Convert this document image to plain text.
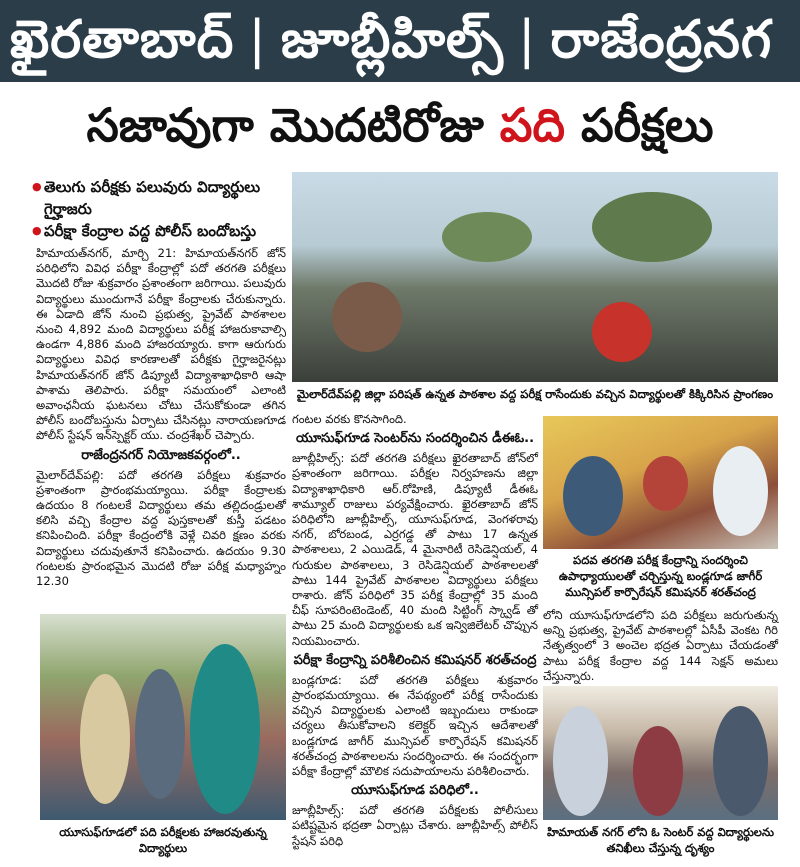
ఖైరతాబాద్ | జూబ్లీహిల్స్ | రాజేంద్రనగ
సజావుగా మొదటిరోజు పది పరీక్షలు
● తెలుగు పరీక్షకు పలువురు విద్యార్థులు గైర్హాజరు
● పరీక్షా కేంద్రాల వద్ద పోలీస్ బందోబస్తు
హిమాయత్‌నగర్, మార్చి 21: హిమాయత్‌నగర్ జోన్ పరిధిలోని వివిధ పరీక్షా కేంద్రాల్లో పదో తరగతి పరీక్షలు మొదటి రోజు శుక్రవారం ప్రశాంతంగా జరిగాయి. పలువురు విద్యార్థులు ముందుగానే పరీక్షా కేంద్రాలకు చేరుకున్నారు. ఈ ఏడాది జోన్ నుంచి ప్రభుత్వ, ప్రైవేట్ పాఠశాలల నుంచి 4,892 మంది విద్యార్థులు పరీక్ష హాజరుకావాల్సి ఉండగా 4,886 మంది హాజరయ్యారు. కాగా ఆరుగురు విద్యార్థులు వివిధ కారణాలతో పరీక్షకు గైర్హాజరైనట్లు హిమాయత్‌నగర్ జోన్ డిప్యూటీ విద్యాశాఖాధికారి ఆషా పాశామ తెలిపారు. పరీక్షా సమయంలో ఎలాంటి అవాంఛనీయ ఘటనలు చోటు చేసుకోకుండా తగిన పోలీస్ బందోబస్తును ఏర్పాటు చేసినట్లు నారాయణగూడ పోలీస్ స్టేషన్ ఇన్‌స్పెక్టర్ యు. చంద్రశేఖర్ చెప్పారు.
రాజేంద్రనగర్ నియోజకవర్గంలో..
మైలార్‌దేవ్‌పల్లి: పదో తరగతి పరీక్షలు శుక్రవారం ప్రశాంతంగా ప్రారంభమయ్యాయి. పరీక్షా కేంద్రాలకు ఉదయం 8 గంటలకే విద్యార్థులు తమ తల్లిదండ్రులతో కలిసి వచ్చి కేంద్రాల వద్ద పుస్తకాలతో కుస్తీ పడటం కనిపించింది. పరీక్షా కేంద్రంలోకి వెళ్లే చివరి క్షణం వరకు విద్యార్థులు చదువుతూనే కనిపించారు. ఉదయం 9.30 గంటలకు ప్రారంభమైన మొదటి రోజు పరీక్ష మధ్యాహ్నం 12.30
మైలార్‌దేవ్‌పల్లి జిల్లా పరిషత్ ఉన్నత పాఠశాల వద్ద పరీక్ష రాసేందుకు వచ్చిన విద్యార్థులతో కిక్కిరిసిన ప్రాంగణం
గంటల వరకు కొనసాగింది.
యూసుఫ్‌గూడ సెంటర్‌ను సందర్శించిన డీఈఓ..
జూబ్లీహిల్స్: పదో తరగతి పరీక్షలు ఖైరతాబాద్ జోన్‌లో ప్రశాంతంగా జరిగాయి. పరీక్షల నిర్వహణను జిల్లా విద్యాశాఖాధికారి ఆర్.రోహిణి, డిప్యూటీ డీఈఓ శామ్యూల్ రాజులు పర్యవేక్షించారు. ఖైరతాబాద్ జోన్ పరిధిలోని జూబ్లీహిల్స్, యూసుఫ్‌గూడ, వెంగళరావు నగర్, బోరబండ, ఎర్రగడ్డ తో పాటు 17 ఉన్నత పాఠశాలలు, 2 ఎయిడెడ్, 4 మైనారిటీ రెసిడెన్షియల్, 4 గురుకుల పాఠశాలలు, 3 రెసిడెన్షియల్ పాఠశాలలతో పాటు 144 ప్రైవేట్ పాఠశాలల విద్యార్థులు పరీక్షలు రాశారు. జోన్ పరిధిలో 35 పరీక్ష కేంద్రాల్లో 35 మంది చీఫ్ సూపరింటెండెంట్, 40 మంది సిట్టింగ్ స్క్వాడ్ తో పాటు 25 మంది విద్యార్థులకు ఒక ఇన్విజిలేటర్ చొప్పున నియమించారు.
పరీక్షా కేంద్రాన్ని పరిశీలించిన కమిషనర్ శరత్‌చంద్ర
బండ్లగూడ: పదో తరగతి పరీక్షలు శుక్రవారం ప్రారంభమయ్యాయి. ఈ నేపథ్యంలో పరీక్ష రాసేందుకు వచ్చిన విద్యార్థులకు ఎలాంటి ఇబ్బందులు రాకుండా చర్యలు తీసుకోవాలని కలెక్టర్ ఇచ్చిన ఆదేశాలతో బండ్లగూడ జాగీర్ మున్సిపల్ కార్పొరేషన్ కమిషనర్ శరత్‌చంద్ర పాఠశాలలను సందర్శించారు. ఈ సందర్భంగా పరీక్షా కేంద్రాల్లో మౌలిక సదుపాయాలను పరిశీలించారు.
యూసుఫ్‌గూడ పరిధిలో..
జూబ్లీహిల్స్: పదో తరగతి పరీక్షలకు పోలీసులు పటిష్టమైన భద్రతా ఏర్పాట్లు చేశారు. జూబ్లీహిల్స్ పోలీస్ స్టేషన్ పరిధి
పదవ తరగతి పరీక్ష కేంద్రాన్ని సందర్శించి ఉపాధ్యాయులతో చర్చిస్తున్న బండ్లగూడ జాగీర్ మున్సిపల్ కార్పొరేషన్ కమిషనర్ శరత్‌చంద్ర
లోని యూసుఫ్‌గూడలోని పది పరీక్షలు జరుగుతున్న అన్ని ప్రభుత్వ, ప్రైవేట్ పాఠశాలల్లో ఏసీపీ వెంకట గిరి నేతృత్వంలో 3 అంచెల భద్రత ఏర్పాటు చేయడంతో పాటు పరీక్ష కేంద్రాల వద్ద 144 సెక్షన్ అమలు చేస్తున్నారు.
యూసుఫ్‌గూడలో పది పరీక్షలకు హాజరవుతున్న విద్యార్థులు
హిమాయత్ నగర్ లోని ఓ సెంటర్ వద్ద విద్యార్థులను తనిఖీలు చేస్తున్న దృశ్యం
